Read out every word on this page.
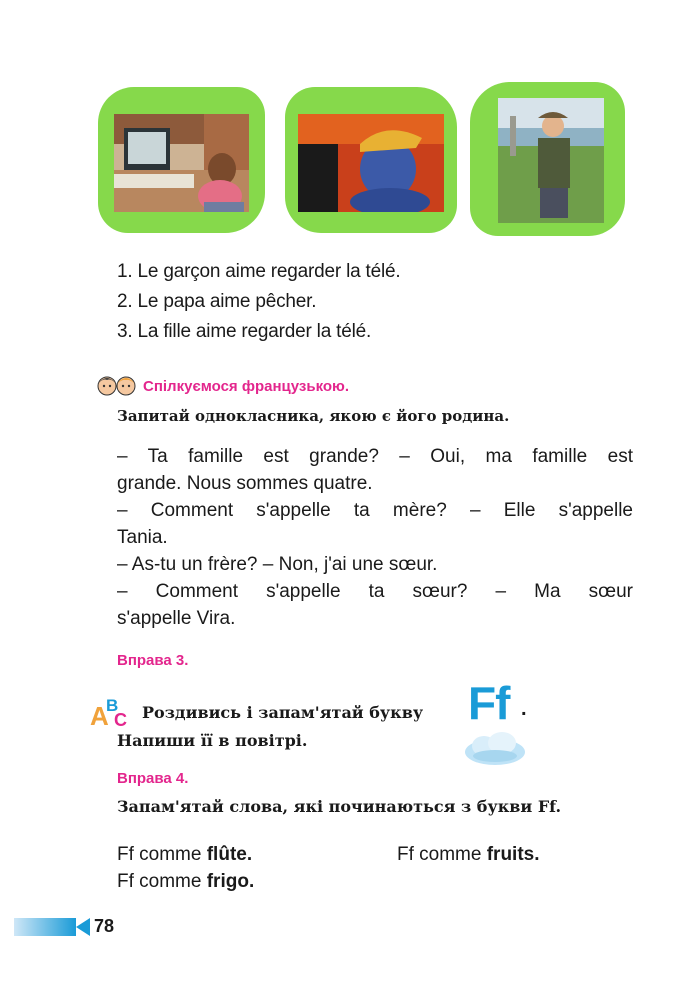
1. Le garçon aime regarder la télé.
2. Le papa aime pêcher.
3. La fille aime regarder la télé.
Спілкуємося французькою.
Запитай однокласника, якою є його родина.
– Ta famille est grande? – Oui, ma famille est
grande. Nous sommes quatre.
– Comment s'appelle ta mère? – Elle s'appelle
Tania.
– As-tu un frère? – Non, j'ai une sœur.
– Comment s'appelle ta sœur? – Ma sœur
s'appelle Vira.
Вправа 3.
A
B
C Роздивись і запам'ятай букву Ff .
Напиши її в повітрі.
Вправа 4.
Запам'ятай слова, які починаються з букви Ff.
Ff comme flûte.	Ff comme fruits.
Ff comme frigo.
78
